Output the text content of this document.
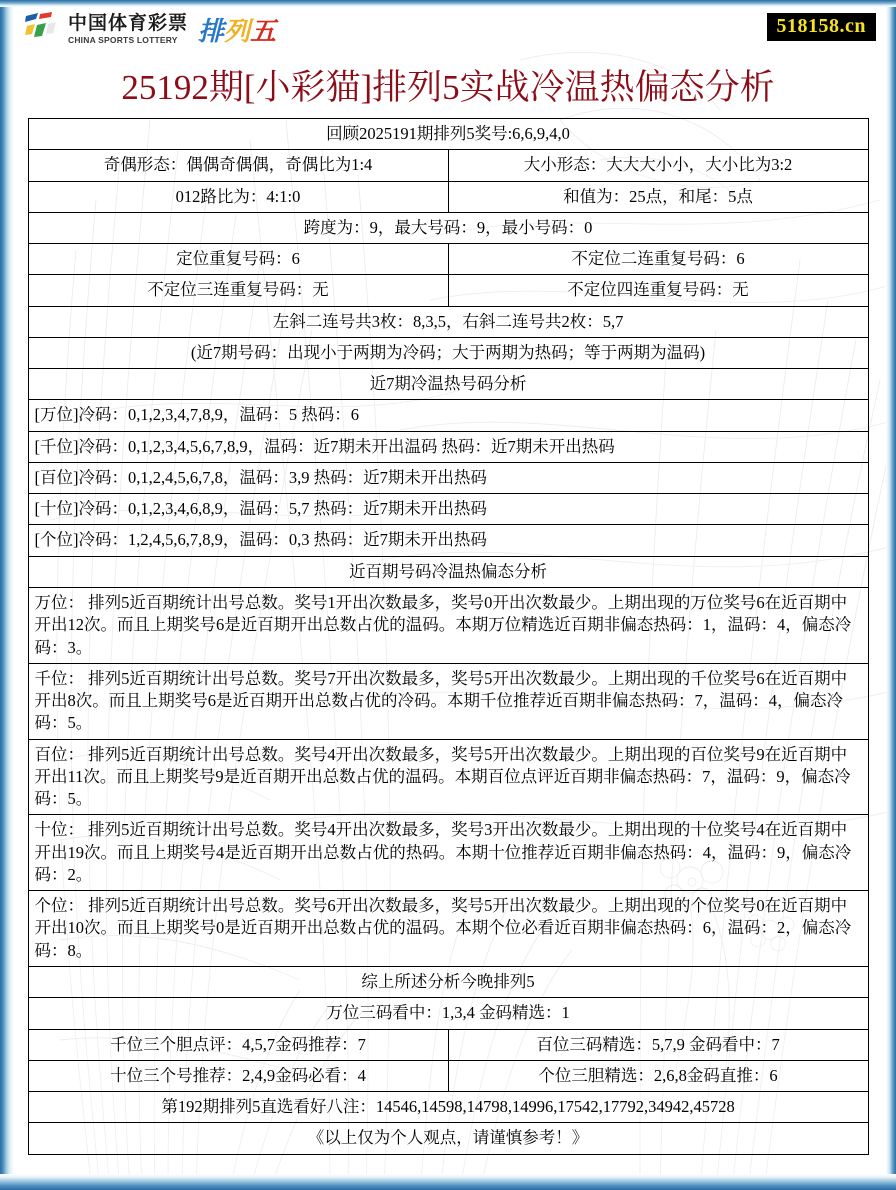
中国体育彩票
CHINA SPORTS LOTTERY 排 列 五	518158.cn
25192期[小彩猫]排列5实战冷温热偏态分析
回顾2025191期排列5奖号:6,6,9,4,0	
奇偶形态：偶偶奇偶偶，奇偶比为1:4	大小形态：大大大小小，大小比为3:2
012路比为：4:1:0	和值为：25点，和尾：5点
跨度为：9，最大号码：9，最小号码：0	
定位重复号码：6	不定位二连重复号码：6
不定位三连重复号码：无	不定位四连重复号码：无
左斜二连号共3枚：8,3,5，右斜二连号共2枚：5,7	
(近7期号码：出现小于两期为冷码；大于两期为热码；等于两期为温码)	
近7期冷温热号码分析	
[万位]冷码：0,1,2,3,4,7,8,9，温码：5 热码：6	
[千位]冷码：0,1,2,3,4,5,6,7,8,9，温码：近7期未开出温码 热码：近7期未开出热码	
[百位]冷码：0,1,2,4,5,6,7,8，温码：3,9 热码：近7期未开出热码	
[十位]冷码：0,1,2,3,4,6,8,9，温码：5,7 热码：近7期未开出热码	
[个位]冷码：1,2,4,5,6,7,8,9，温码：0,3 热码：近7期未开出热码	
近百期号码冷温热偏态分析	
万位： 排列5近百期统计出号总数。奖号1开出次数最多，奖号0开出次数最少。上期出现的万位奖号6在近百期中开出12次。而且上期奖号6是近百期开出总数占优的温码。本期万位精选近百期非偏态热码：1，温码：4，偏态冷码：3。	
千位： 排列5近百期统计出号总数。奖号7开出次数最多，奖号5开出次数最少。上期出现的千位奖号6在近百期中开出8次。而且上期奖号6是近百期开出总数占优的冷码。本期千位推荐近百期非偏态热码：7，温码：4，偏态冷码：5。	
百位： 排列5近百期统计出号总数。奖号4开出次数最多，奖号5开出次数最少。上期出现的百位奖号9在近百期中开出11次。而且上期奖号9是近百期开出总数占优的温码。本期百位点评近百期非偏态热码：7，温码：9，偏态冷码：5。	
十位： 排列5近百期统计出号总数。奖号4开出次数最多，奖号3开出次数最少。上期出现的十位奖号4在近百期中开出19次。而且上期奖号4是近百期开出总数占优的热码。本期十位推荐近百期非偏态热码：4，温码：9，偏态冷码：2。	
个位： 排列5近百期统计出号总数。奖号6开出次数最多，奖号5开出次数最少。上期出现的个位奖号0在近百期中开出10次。而且上期奖号0是近百期开出总数占优的温码。本期个位必看近百期非偏态热码：6，温码：2，偏态冷码：8。	
综上所述分析今晚排列5	
万位三码看中：1,3,4 金码精选：1	
千位三个胆点评：4,5,7金码推荐：7	百位三码精选：5,7,9 金码看中：7
十位三个号推荐：2,4,9金码必看：4	个位三胆精选：2,6,8金码直推：6
第192期排列5直选看好八注：14546,14598,14798,14996,17542,17792,34942,45728	
《以上仅为个人观点，请谨慎参考！》	
